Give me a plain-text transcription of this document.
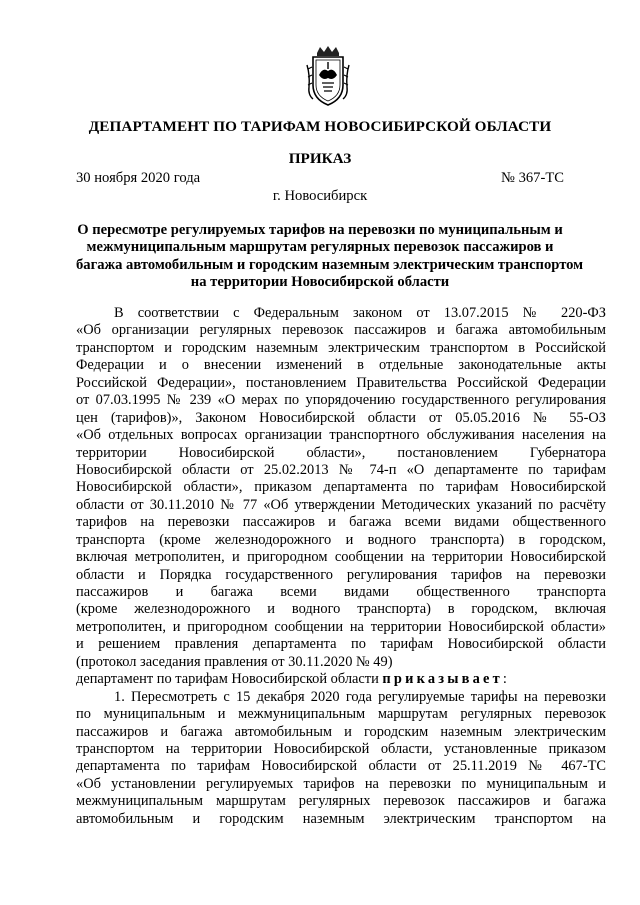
ДЕПАРТАМЕНТ ПО ТАРИФАМ НОВОСИБИРСКОЙ ОБЛАСТИ
ПРИКАЗ
30 ноября 2020 года	№ 367-ТС
г. Новосибирск
О пересмотре регулируемых тарифов на перевозки по муниципальным и
межмуниципальным маршрутам регулярных перевозок пассажиров и
багажа автомобильным и городским наземным электрическим транспортом
на территории Новосибирской области
В соответствии с Федеральным законом от 13.07.2015 № 220-ФЗ
«Об организации регулярных перевозок пассажиров и багажа автомобильным
транспортом и городским наземным электрическим транспортом в Российской
Федерации и о внесении изменений в отдельные законодательные акты
Российской Федерации», постановлением Правительства Российской Федерации
от 07.03.1995 № 239 «О мерах по упорядочению государственного регулирования
цен (тарифов)», Законом Новосибирской области от 05.05.2016 № 55-ОЗ
«Об отдельных вопросах организации транспортного обслуживания населения на
территории Новосибирской области», постановлением Губернатора
Новосибирской области от 25.02.2013 № 74-п «О департаменте по тарифам
Новосибирской области», приказом департамента по тарифам Новосибирской
области от 30.11.2010 № 77 «Об утверждении Методических указаний по расчёту
тарифов на перевозки пассажиров и багажа всеми видами общественного
транспорта (кроме железнодорожного и водного транспорта) в городском,
включая метрополитен, и пригородном сообщении на территории Новосибирской
области и Порядка государственного регулирования тарифов на перевозки
пассажиров и багажа всеми видами общественного транспорта
(кроме железнодорожного и водного транспорта) в городском, включая
метрополитен, и пригородном сообщении на территории Новосибирской области»
и решением правления департамента по тарифам Новосибирской области
(протокол заседания правления от 30.11.2020 № 49)
департамент по тарифам Новосибирской области приказывает:
1. Пересмотреть с 15 декабря 2020 года регулируемые тарифы на перевозки
по муниципальным и межмуниципальным маршрутам регулярных перевозок
пассажиров и багажа автомобильным и городским наземным электрическим
транспортом на территории Новосибирской области, установленные приказом
департамента по тарифам Новосибирской области от 25.11.2019 № 467-ТС
«Об установлении регулируемых тарифов на перевозки по муниципальным и
межмуниципальным маршрутам регулярных перевозок пассажиров и багажа
автомобильным и городским наземным электрическим транспортом на
